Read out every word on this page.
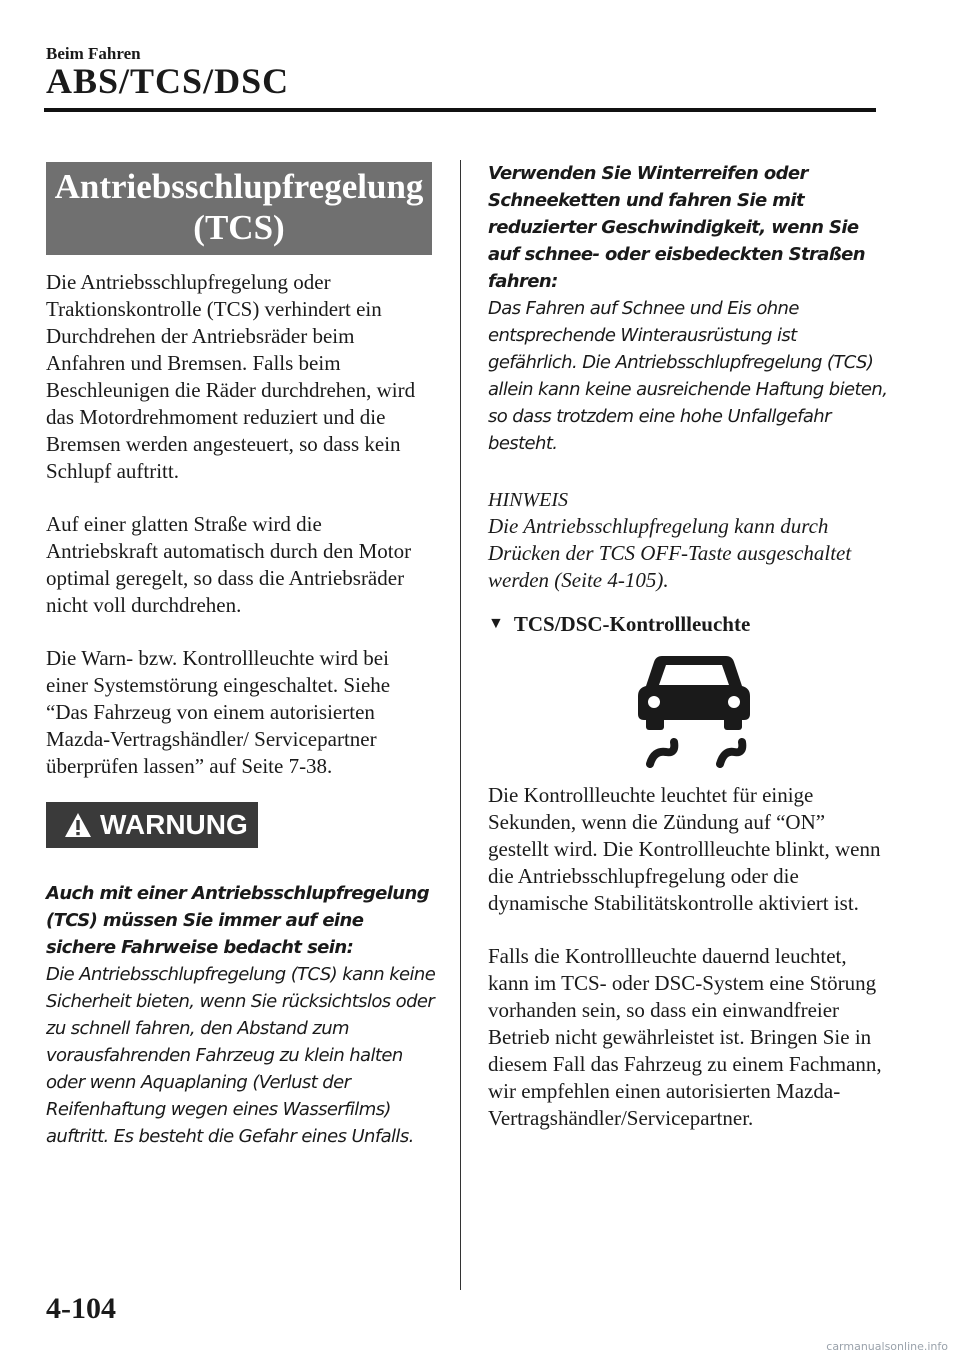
Beim Fahren
ABS/TCS/DSC
Antriebsschlupfregelung
(TCS)

Die Antriebsschlupfregelung oder Traktionskontrolle (TCS) verhindert ein Durchdrehen der Antriebsräder beim Anfahren und Bremsen. Falls beim Beschleunigen die Räder durchdrehen, wird das Motordrehmoment reduziert und die Bremsen werden angesteuert, so dass kein Schlupf auftritt.

Auf einer glatten Straße wird die Antriebskraft automatisch durch den Motor optimal geregelt, so dass die Antriebsräder nicht voll durchdrehen.

Die Warn- bzw. Kontrollleuchte wird bei einer Systemstörung eingeschaltet. Siehe “Das Fahrzeug von einem autorisierten Mazda-Vertragshändler/ Servicepartner überprüfen lassen” auf Seite 7-38.

WARNUNG

Auch mit einer Antriebsschlupfregelung (TCS) müssen Sie immer auf eine sichere Fahrweise bedacht sein:

Die Antriebsschlupfregelung (TCS) kann keine Sicherheit bieten, wenn Sie rücksichtslos oder zu schnell fahren, den Abstand zum vorausfahrenden Fahrzeug zu klein halten oder wenn Aquaplaning (Verlust der Reifenhaftung wegen eines Wasserfilms) auftritt. Es besteht die Gefahr eines Unfalls.

Verwenden Sie Winterreifen oder Schneeketten und fahren Sie mit reduzierter Geschwindigkeit, wenn Sie auf schnee- oder eisbedeckten Straßen fahren:

Das Fahren auf Schnee und Eis ohne entsprechende Winterausrüstung ist gefährlich. Die Antriebsschlupfregelung (TCS) allein kann keine ausreichende Haftung bieten, so dass trotzdem eine hohe Unfallgefahr besteht.

HINWEIS

Die Antriebsschlupfregelung kann durch Drücken der TCS OFF-Taste ausgeschaltet werden (Seite 4-105).

▼ TCS/DSC-Kontrollleuchte

Die Kontrollleuchte leuchtet für einige Sekunden, wenn die Zündung auf “ON” gestellt wird. Die Kontrollleuchte blinkt, wenn die Antriebsschlupfregelung oder die dynamische Stabilitätskontrolle aktiviert ist.

Falls die Kontrollleuchte dauernd leuchtet, kann im TCS- oder DSC-System eine Störung vorhanden sein, so dass ein einwandfreier Betrieb nicht gewährleistet ist. Bringen Sie in diesem Fall das Fahrzeug zu einem Fachmann, wir empfehlen einen autorisierten Mazda-Vertragshändler/Servicepartner.

4-104
carmanualsonline.info
